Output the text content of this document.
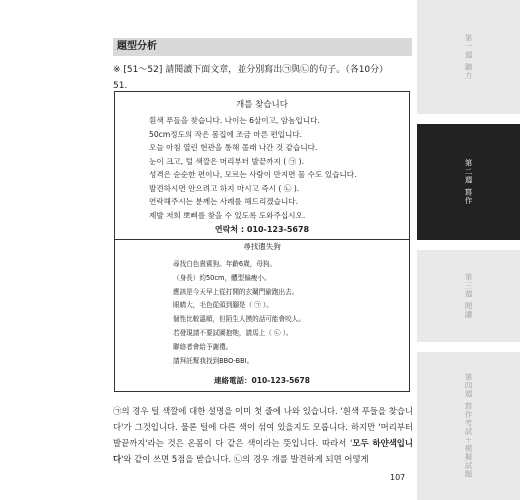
題型分析
※ [51～52] 請閱讀下面文章，並分別寫出㉠與㉡的句子。（各10分）
51.
개를 찾습니다
흰색 푸들을 찾습니다. 나이는 6살이고, 암놈입니다.
50cm정도의 작은 몸집에 조금 마른 편입니다.
오늘 아침 열린 현관을 통해 몰래 나간 것 같습니다.
눈이 크고, 털 색깔은 머리부터 발끝까지 ( ㉠ ).
성격은 순순한 편이나, 모르는 사람이 만지면 물 수도 있습니다.
발견하시면 안으려고 하지 마시고 즉시 ( ㉡ ).
연락해주시는 분께는 사례를 해드리겠습니다.
제발 저희 뽀삐를 찾을 수 있도록 도와주십시오.
연락처 : 010-123-5678
尋找遺失狗
尋找白色貴賓狗。年齡6歲，母狗。
（身長）約50cm，體型偏瘦小。
應該是今天早上從打開的玄關門偷跑出去。
眼睛大，毛色從頭到腳是（ ㉠ ）。
個性比較溫順，但陌生人摸的話可能會咬人。
若發現請不要試圖抱牠，請馬上（ ㉡ ）。
聯絡者會給予謝禮。
請拜託幫我找到BBO-BBI。
連絡電話：010-123-5678
㉠의 경우 털 색깔에 대한 설명을 이미 첫 줄에 나와 있습니다. '흰색 푸들을 찾습니다'가 그것입니다. 물론 털에 다른 색이 섞여 있을지도 모릅니다. 하지만 '머리부터 발끝까지'라는 것은 온몸이 다 같은 색이라는 뜻입니다. 따라서 '모두 하얀색입니다'와 같이 쓰면 5점을 받습니다. ㉡의 경우 개를 발견하게 되면 어떻게
107
第一週 聽力
第二週 寫作
第三週 閱讀
第四週 寫作考試＋模擬試題
